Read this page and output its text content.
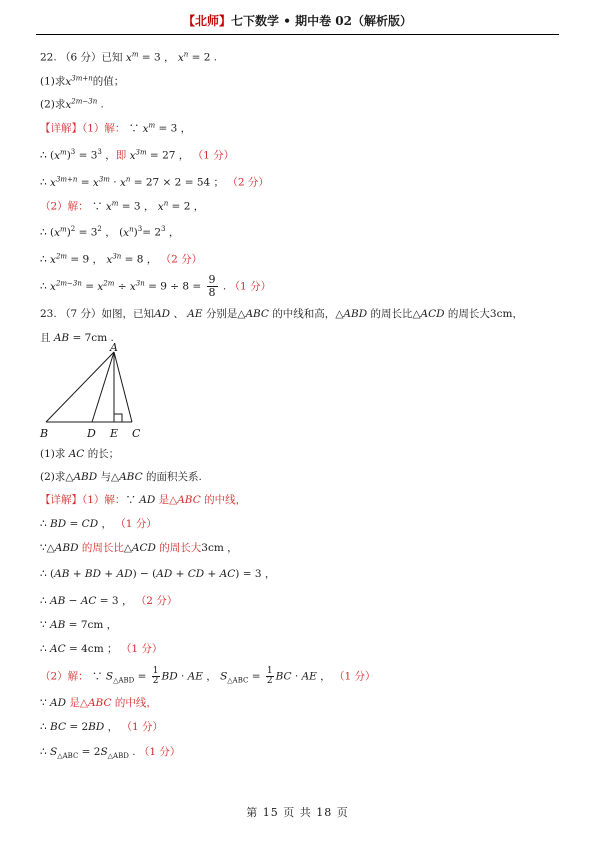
【北师】七下数学 • 期中卷 02（解析版）
22. （6 分）已知 $x^m = 3$ ， $x^n = 2$ .
(1)求$x^{3m+n}$的值；
(2)求$x^{2m-3n}$ .
【详解】（1）解： ∵ $x^m = 3$ ，
∴ $(x^m)^3 = 3^3$ ，即 $x^{3m} = 27$ ， （1 分）
∴ $x^{3m+n} = x^{3m} \cdot x^n = 27 \times 2 = 54$ ； （2 分）
（2）解： ∵ $x^m = 3$ ， $x^n = 2$ ，
∴ $(x^m)^2 = 3^2$ ， $(x^n)^3= 2^3$ ，
∴ $x^{2m} = 9$ ， $x^{3n} = 8$ ， （2 分）
∴ $x^{2m-3n} = x^{2m} \div x^{3n} = 9 \div 8 = \frac{9}{8}$ . （1 分）
23. （7 分）如图，已知AD 、 AE 分别是△ABC 的中线和高，△ABD 的周长比△ACD 的周长大3cm，
且 AB = 7cm .
A
B	D E C
(1)求 AC 的长；
(2)求△ABD 与△ABC 的面积关系.
【详解】（1）解：∵ AD 是△ABC 的中线，
∴ BD = CD ， （1 分）
∵△ABD 的周长比△ACD 的周长大3cm ，
∴ (AB + BD + AD) − (AD + CD + AC) = 3 ，
∴ AB − AC = 3 ， （2 分）
∵ AB = 7cm ，
∴ AC = 4cm ； （1 分）
（2）解： ∵ $S_{\triangle ABD} = \frac{1}{2}$ BD · AE ， $S_{\triangle ABC} = \frac{1}{2}$ BC · AE ， （1 分）
∵ AD 是△ABC 的中线，
∴ BC = 2BD ， （1 分）
∴ $S_{\triangle ABC} = 2S_{\triangle ABD}$ . （1 分）
第 15 页 共 18 页
